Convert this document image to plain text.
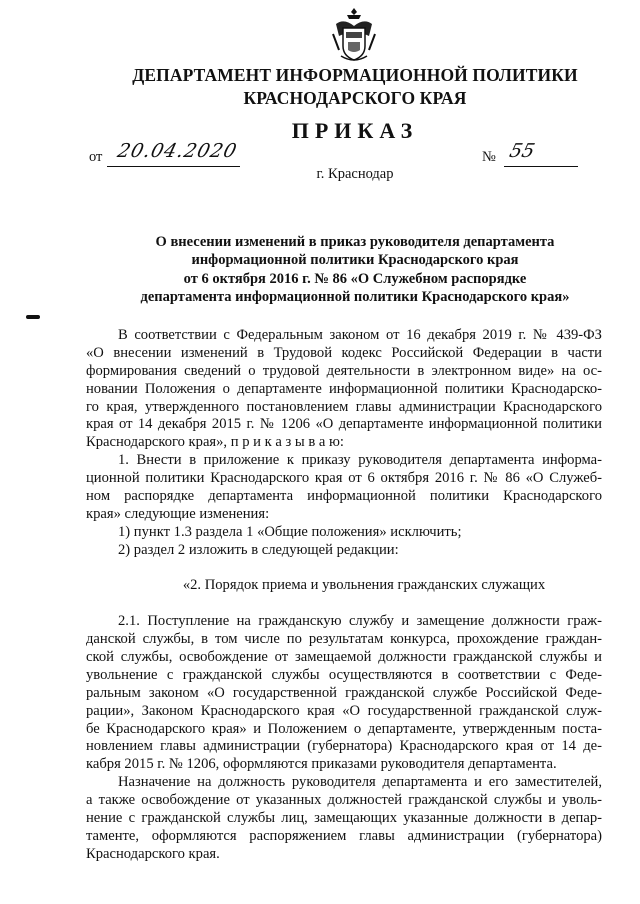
ДЕПАРТАМЕНТ ИНФОРМАЦИОННОЙ ПОЛИТИКИ
КРАСНОДАРСКОГО КРАЯ
ПРИКАЗ
от 20.04.2020	№ 55
г. Краснодар
О внесении изменений в приказ руководителя департамента
информационной политики Краснодарского края
от 6 октября 2016 г. № 86 «О Служебном распорядке
департамента информационной политики Краснодарского края»
В соответствии с Федеральным законом от 16 декабря 2019 г. № 439-ФЗ
«О внесении изменений в Трудовой кодекс Российской Федерации в части
формирования сведений о трудовой деятельности в электронном виде» на ос-
новании Положения о департаменте информационной политики Краснодарско-
го края, утвержденного постановлением главы администрации Краснодарского
края от 14 декабря 2015 г. № 1206 «О департаменте информационной политики
Краснодарского края», п р и к а з ы в а ю:
1. Внести в приложение к приказу руководителя департамента информа-
ционной политики Краснодарского края от 6 октября 2016 г. № 86 «О Служеб-
ном распорядке департамента информационной политики Краснодарского
края» следующие изменения:
1) пункт 1.3 раздела 1 «Общие положения» исключить;
2) раздел 2 изложить в следующей редакции:
«2. Порядок приема и увольнения гражданских служащих
2.1. Поступление на гражданскую службу и замещение должности граж-
данской службы, в том числе по результатам конкурса, прохождение граждан-
ской службы, освобождение от замещаемой должности гражданской службы и
увольнение с гражданской службы осуществляются в соответствии с Феде-
ральным законом «О государственной гражданской службе Российской Феде-
рации», Законом Краснодарского края «О государственной гражданской служ-
бе Краснодарского края» и Положением о департаменте, утвержденным поста-
новлением главы администрации (губернатора) Краснодарского края от 14 де-
кабря 2015 г. № 1206, оформляются приказами руководителя департамента.
Назначение на должность руководителя департамента и его заместителей,
а также освобождение от указанных должностей гражданской службы и уволь-
нение с гражданской службы лиц, замещающих указанные должности в депар-
таменте, оформляются распоряжением главы администрации (губернатора)
Краснодарского края.
